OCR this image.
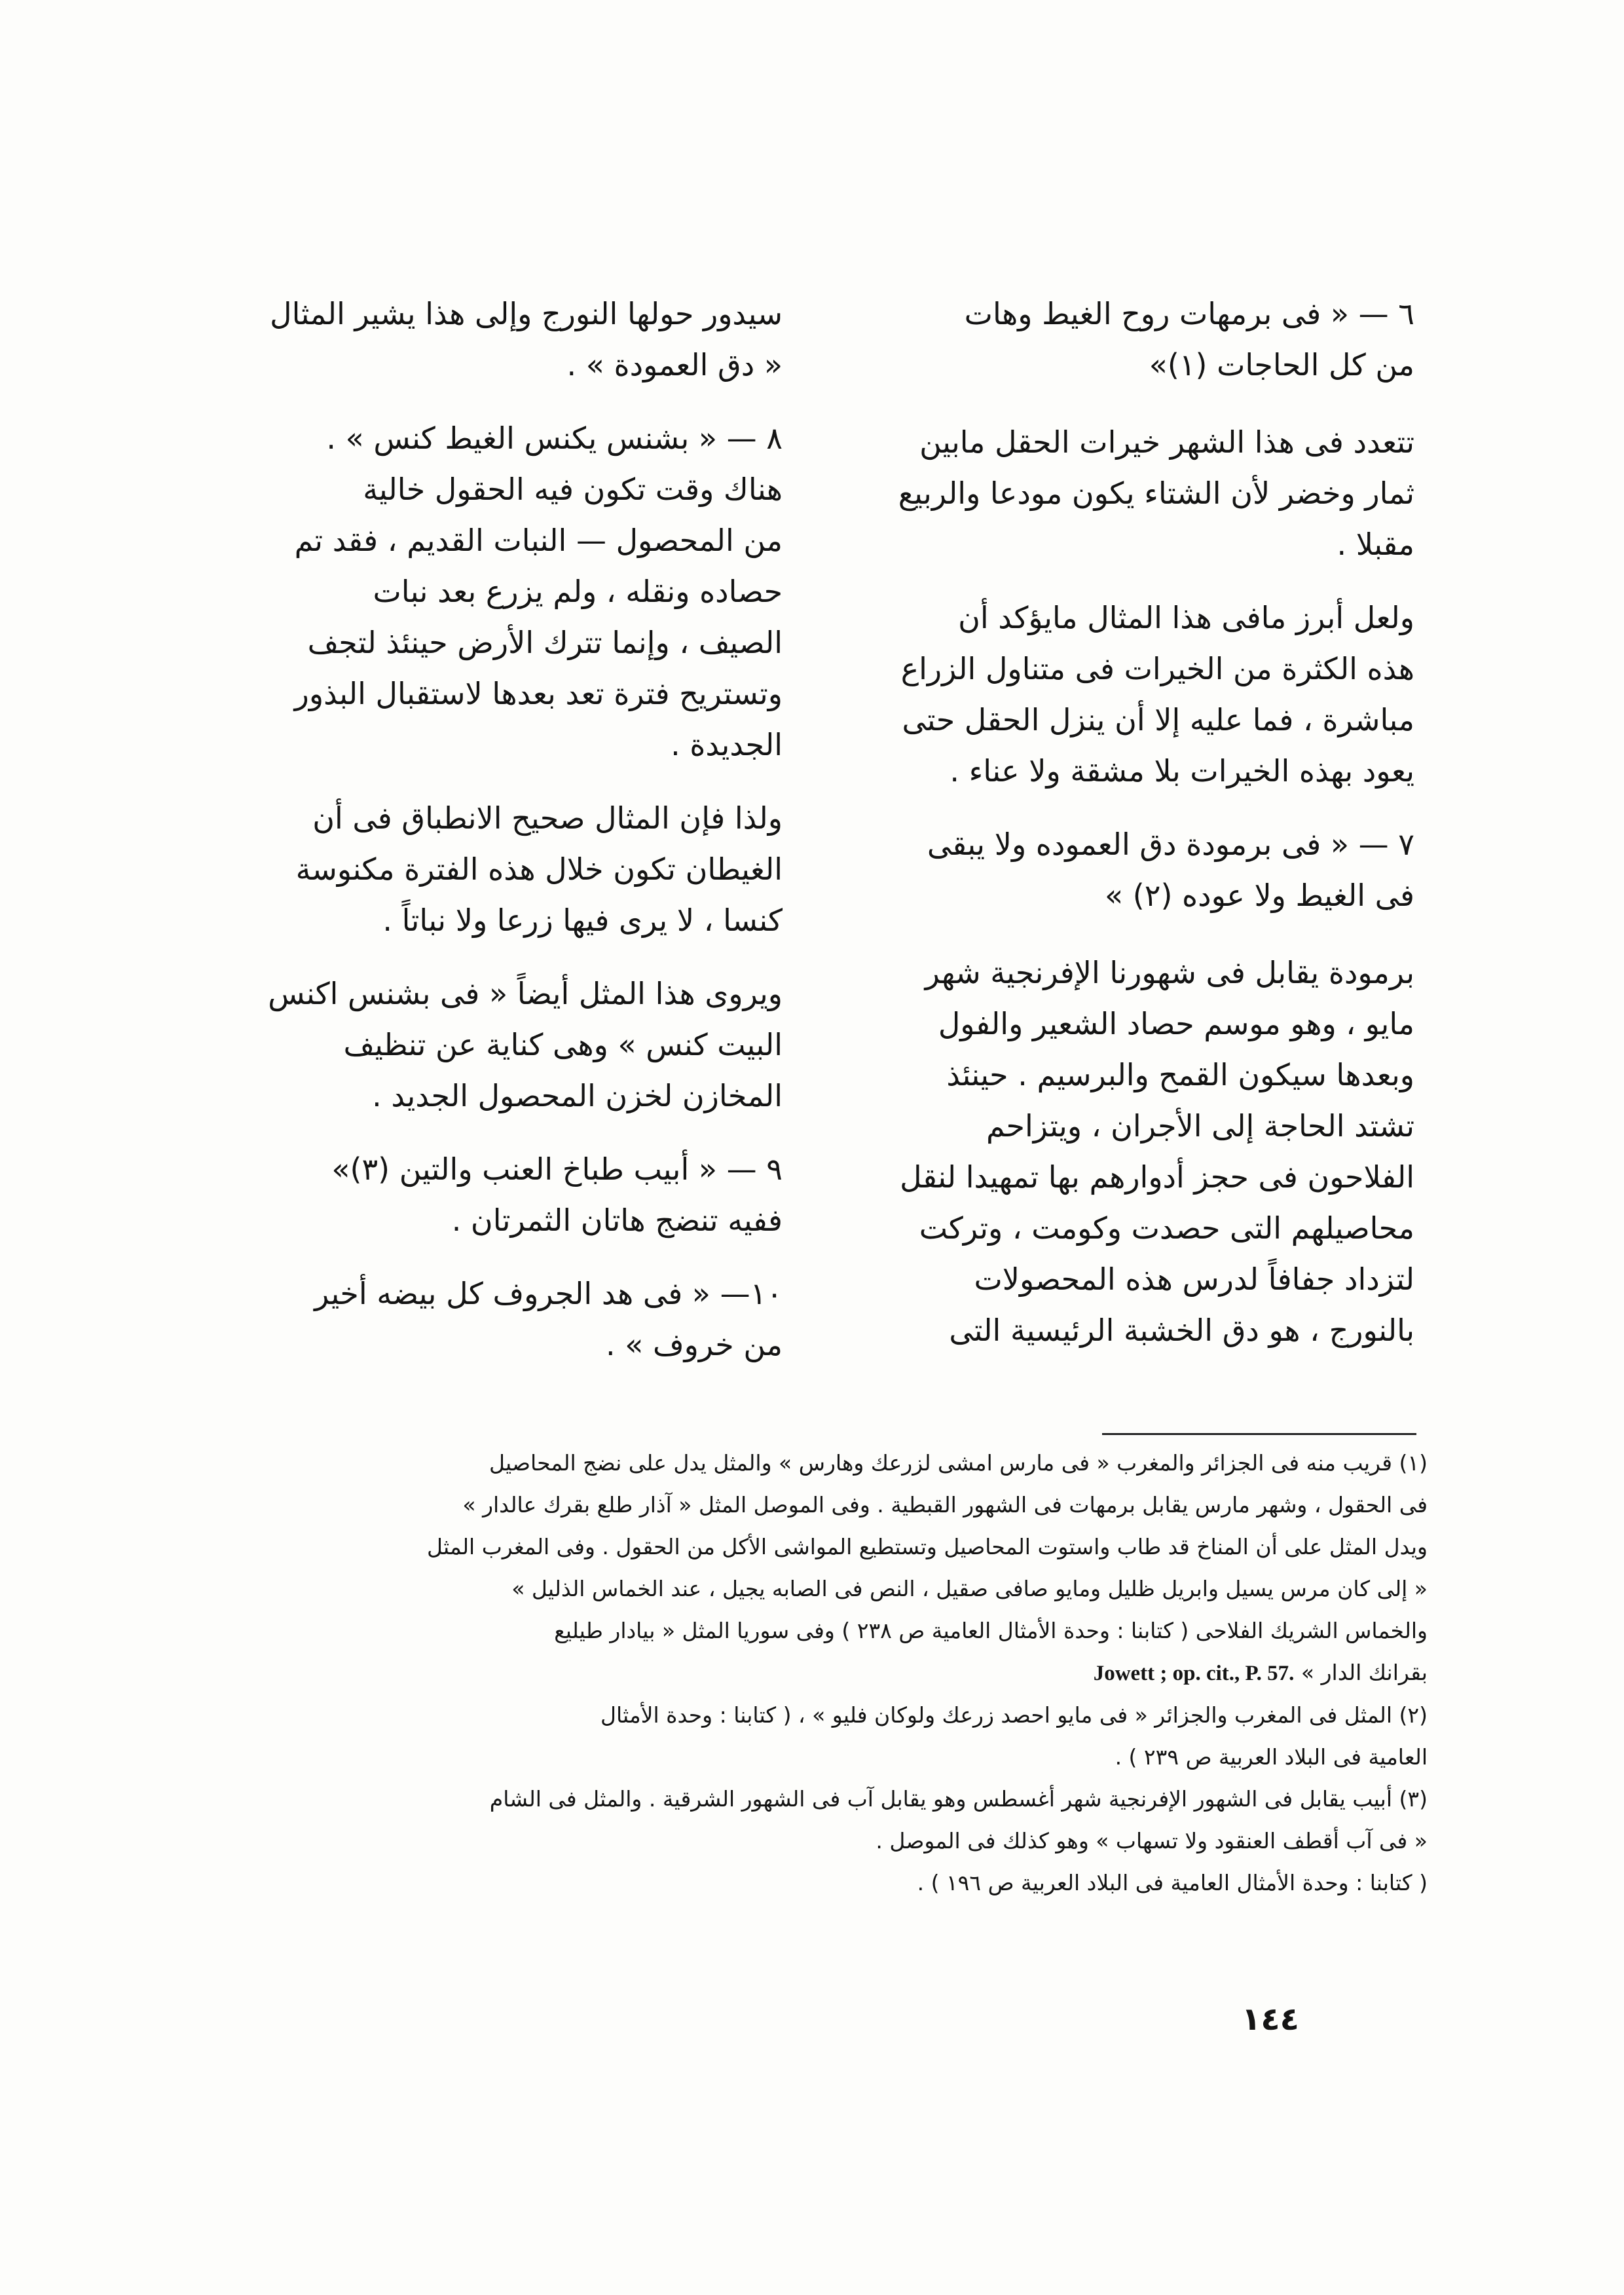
٦ — « فى برمهات روح الغيط وهات

من كل الحاجات (١)»

تتعدد فى هذا الشهر خيرات الحقل مابين

ثمار وخضر لأن الشتاء يكون مودعا والربيع

مقبلا .

ولعل أبرز مافى هذا المثال مايؤكد أن

هذه الكثرة من الخيرات فى متناول الزراع

مباشرة ، فما عليه إلا أن ينزل الحقل حتى

يعود بهذه الخيرات بلا مشقة ولا عناء .

٧ — « فى برمودة دق العموده ولا يبقى

فى الغيط ولا عوده (٢) »

برمودة يقابل فى شهورنا الإفرنجية شهر

مايو ، وهو موسم حصاد الشعير والفول

وبعدها سيكون القمح والبرسيم . حينئذ

تشتد الحاجة إلى الأجران ، ويتزاحم

الفلاحون فى حجز أدوارهم بها تمهيدا لنقل

محاصيلهم التى حصدت وكومت ، وتركت

لتزداد جفافاً لدرس هذه المحصولات

بالنورج ، هو دق الخشبة الرئيسية التى

سيدور حولها النورج وإلى هذا يشير المثال

« دق العمودة » .

٨ — « بشنس يكنس الغيط كنس » .

هناك وقت تكون فيه الحقول خالية

من المحصول — النبات القديم ، فقد تم

حصاده ونقله ، ولم يزرع بعد نبات

الصيف ، وإنما تترك الأرض حينئذ لتجف

وتستريح فترة تعد بعدها لاستقبال البذور

الجديدة .

ولذا فإن المثال صحيح الانطباق فى أن

الغيطان تكون خلال هذه الفترة مكنوسة

كنسا ، لا يرى فيها زرعا ولا نباتاً .

ويروى هذا المثل أيضاً « فى بشنس اكنس

البيت كنس » وهى كناية عن تنظيف

المخازن لخزن المحصول الجديد .

٩ — « أبيب طباخ العنب والتين (٣)»

ففيه تنضج هاتان الثمرتان .

١٠— « فى هد الجروف كل بيضه أخير

من خروف » .

(١) قريب منه فى الجزائر والمغرب « فى مارس امشى لزرعك وهارس » والمثل يدل على نضج المحاصيل

فى الحقول ، وشهر مارس يقابل برمهات فى الشهور القبطية . وفى الموصل المثل « آذار طلع بقرك عالدار »

ويدل المثل على أن المناخ قد طاب واستوت المحاصيل وتستطيع المواشى الأكل من الحقول . وفى المغرب المثل

« إلى كان مرس يسيل وابريل ظليل ومايو صافى صقيل ، النص فى الصابه يجيل ، عند الخماس الذليل »

والخماس الشريك الفلاحى ( كتابنا : وحدة الأمثال العامية ص ٢٣٨ ) وفى سوريا المثل « بيادار طيليع

بقرانك الدار » Jowett ; op. cit., P. 57.

(٢) المثل فى المغرب والجزائر « فى مايو احصد زرعك ولوكان فليو » ، ( كتابنا : وحدة الأمثال

العامية فى البلاد العربية ص ٢٣٩ ) .

(٣) أبيب يقابل فى الشهور الإفرنجية شهر أغسطس وهو يقابل آب فى الشهور الشرقية . والمثل فى الشام

« فى آب أقطف العنقود ولا تسهاب » وهو كذلك فى الموصل .

( كتابنا : وحدة الأمثال العامية فى البلاد العربية ص ١٩٦ ) .

١٤٤
